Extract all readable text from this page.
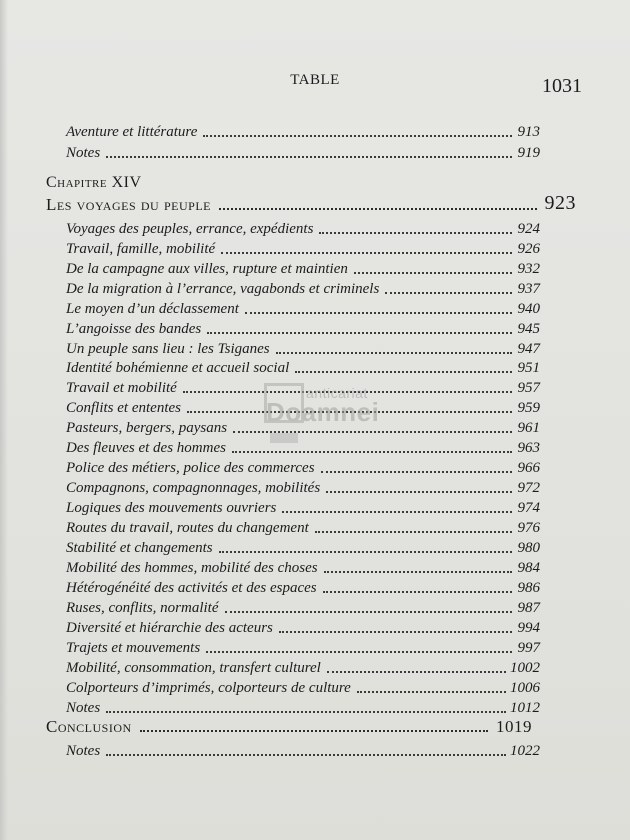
TABLE	1031
Aventure et littérature	913
Notes	919
Chapitre XIV
Les voyages du peuple	923
Voyages des peuples, errance, expédients	924
Travail, famille, mobilité	926
De la campagne aux villes, rupture et maintien	932
De la migration à l’errance, vagabonds et criminels	937
Le moyen d’un déclassement	940
L’angoisse des bandes	945
Un peuple sans lieu : les Tsiganes	947
Identité bohémienne et accueil social	951
Travail et mobilité	957
Conflits et ententes	959
Pasteurs, bergers, paysans	961
Des fleuves et des hommes	963
Police des métiers, police des commerces	966
Compagnons, compagnonnages, mobilités	972
Logiques des mouvements ouvriers	974
Routes du travail, routes du changement	976
Stabilité et changements	980
Mobilité des hommes, mobilité des choses	984
Hétérogénéité des activités et des espaces	986
Ruses, conflits, normalité	987
Diversité et hiérarchie des acteurs	994
Trajets et mouvements	997
Mobilité, consommation, transfert culturel	1002
Colporteurs d’imprimés, colporteurs de culture	1006
Notes	1012
Conclusion	1019
Notes	1022
anticariat
Doamnei
